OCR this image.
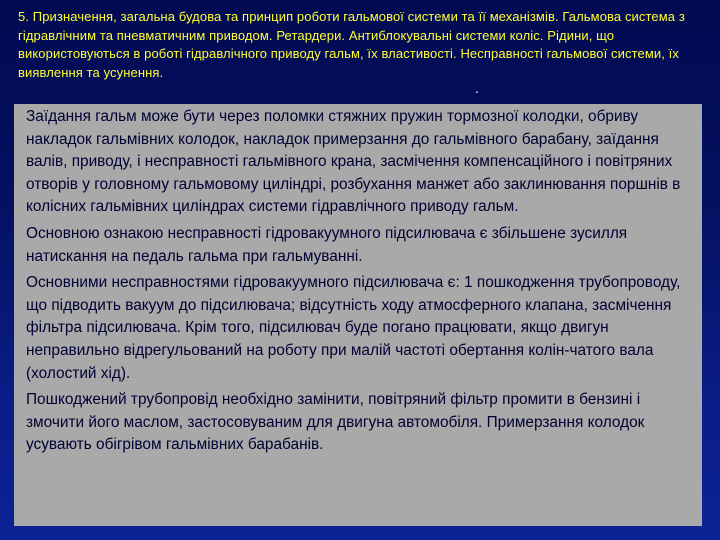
5. Призначення, загальна будова та принцип роботи гальмової системи та її механізмів. Гальмова система з гідравлічним та пневматичним приводом. Ретардери. Антиблокувальні системи коліс. Рідини, що використовуються в роботі гідравлічного приводу гальм, їх властивості. Несправності гальмової системи, їх виявлення та усунення.
.

Заїдання гальм може бути через поломки стяжних пружин тормозної колодки, обриву накладок гальмівних колодок, накладок примерзання до гальмівного барабану, заїдання валів, приводу, і несправності гальмівного крана, засмічення компенсаційного і повітряних отворів у головному гальмовому циліндрі, розбухання манжет або заклинювання поршнів в колісних гальмівних циліндрах системи гідравлічного приводу гальм.

Основною ознакою несправності гідровакуумного підсилювача є збільшене зусилля натискання на педаль гальма при гальмуванні.

Основними несправностями гідровакуумного підсилювача є: 1 пошкодження трубопроводу, що підводить вакуум до підсилювача; відсутність ходу атмосферного клапана, засмічення фільтра підсилювача. Крім того, підсилювач буде погано працювати, якщо двигун неправильно відрегульований на роботу при малій частоті обертання колін-чатого вала (холостий хід).

Пошкоджений трубопровід необхідно замінити, повітряний фільтр промити в бензині і змочити його маслом, застосовуваним для двигуна автомобіля. Примерзання колодок усувають обігрівом гальмівних барабанів.
